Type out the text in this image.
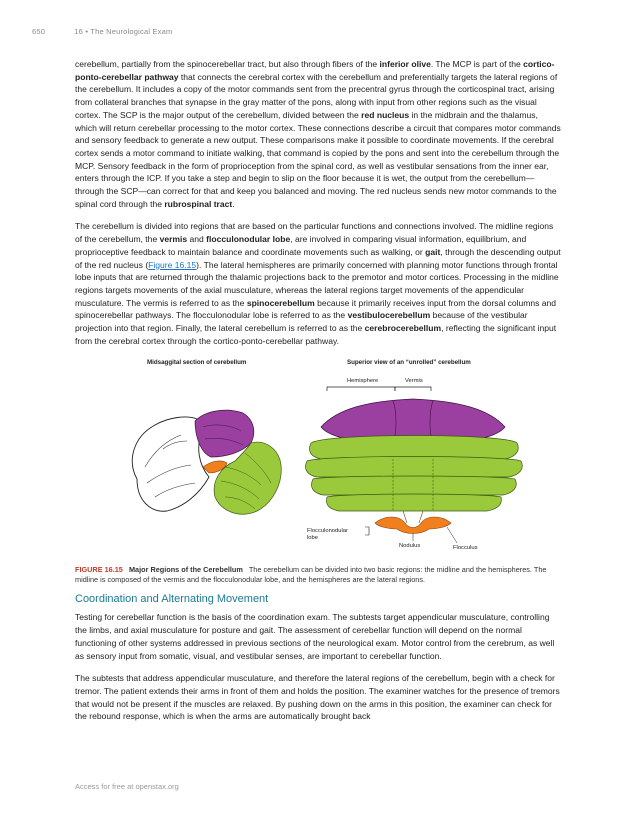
650	16 • The Neurological Exam

cerebellum, partially from the spinocerebellar tract, but also through fibers of the inferior olive. The MCP is part of the cortico-ponto-cerebellar pathway that connects the cerebral cortex with the cerebellum and preferentially targets the lateral regions of the cerebellum. It includes a copy of the motor commands sent from the precentral gyrus through the corticospinal tract, arising from collateral branches that synapse in the gray matter of the pons, along with input from other regions such as the visual cortex. The SCP is the major output of the cerebellum, divided between the red nucleus in the midbrain and the thalamus, which will return cerebellar processing to the motor cortex. These connections describe a circuit that compares motor commands and sensory feedback to generate a new output. These comparisons make it possible to coordinate movements. If the cerebral cortex sends a motor command to initiate walking, that command is copied by the pons and sent into the cerebellum through the MCP. Sensory feedback in the form of proprioception from the spinal cord, as well as vestibular sensations from the inner ear, enters through the ICP. If you take a step and begin to slip on the floor because it is wet, the output from the cerebellum—through the SCP—can correct for that and keep you balanced and moving. The red nucleus sends new motor commands to the spinal cord through the rubrospinal tract.

The cerebellum is divided into regions that are based on the particular functions and connections involved. The midline regions of the cerebellum, the vermis and flocculonodular lobe, are involved in comparing visual information, equilibrium, and proprioceptive feedback to maintain balance and coordinate movements such as walking, or gait, through the descending output of the red nucleus (Figure 16.15). The lateral hemispheres are primarily concerned with planning motor functions through frontal lobe inputs that are returned through the thalamic projections back to the premotor and motor cortices. Processing in the midline regions targets movements of the axial musculature, whereas the lateral regions target movements of the appendicular musculature. The vermis is referred to as the spinocerebellum because it primarily receives input from the dorsal columns and spinocerebellar pathways. The flocculonodular lobe is referred to as the vestibulocerebellum because of the vestibular projection into that region. Finally, the lateral cerebellum is referred to as the cerebrocerebellum, reflecting the significant input from the cerebral cortex through the cortico-ponto-cerebellar pathway.

Midsaggital section of cerebellum	Superior view of an “unrolled” cerebellum
Hemisphere	Vermis
Flocculonodular
lobe
Nodulus	Flocculus
FIGURE 16.15 Major Regions of the Cerebellum The cerebellum can be divided into two basic regions: the midline and the hemispheres. The midline is composed of the vermis and the flocculonodular lobe, and the hemispheres are the lateral regions.
Coordination and Alternating Movement

Testing for cerebellar function is the basis of the coordination exam. The subtests target appendicular musculature, controlling the limbs, and axial musculature for posture and gait. The assessment of cerebellar function will depend on the normal functioning of other systems addressed in previous sections of the neurological exam. Motor control from the cerebrum, as well as sensory input from somatic, visual, and vestibular senses, are important to cerebellar function.

The subtests that address appendicular musculature, and therefore the lateral regions of the cerebellum, begin with a check for tremor. The patient extends their arms in front of them and holds the position. The examiner watches for the presence of tremors that would not be present if the muscles are relaxed. By pushing down on the arms in this position, the examiner can check for the rebound response, which is when the arms are automatically brought back

Access for free at openstax.org
